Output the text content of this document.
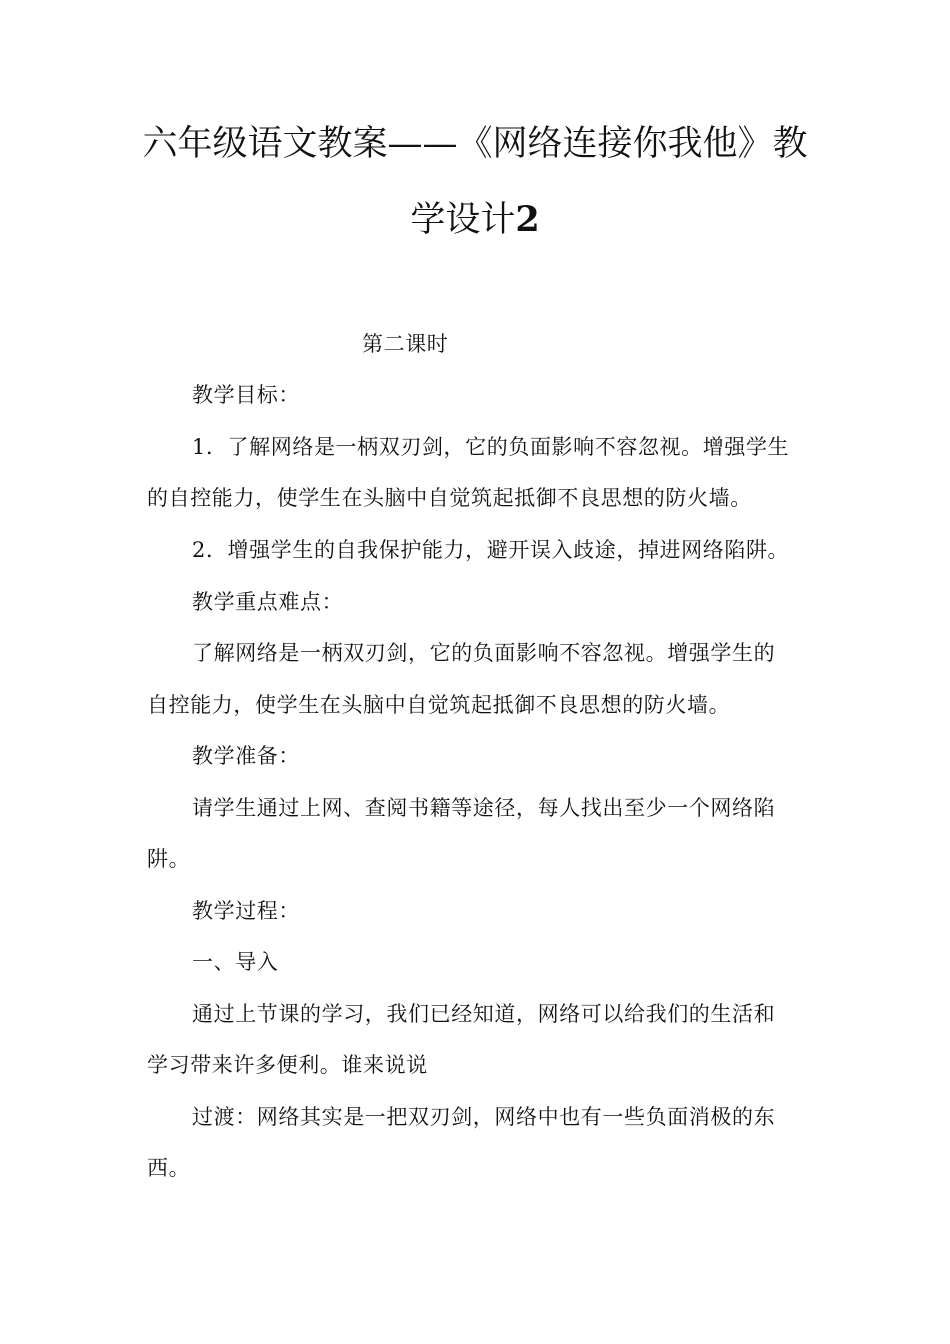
六年级语文教案——《网络连接你我他》教
学设计2
第二课时
教学目标：
1．了解网络是一柄双刃剑，它的负面影响不容忽视。增强学生
的自控能力，使学生在头脑中自觉筑起抵御不良思想的防火墙。
2．增强学生的自我保护能力，避开误入歧途，掉进网络陷阱。
教学重点难点：
了解网络是一柄双刃剑，它的负面影响不容忽视。增强学生的
自控能力，使学生在头脑中自觉筑起抵御不良思想的防火墙。
教学准备：
请学生通过上网、查阅书籍等途径，每人找出至少一个网络陷
阱。
教学过程：
一、导入
通过上节课的学习，我们已经知道，网络可以给我们的生活和
学习带来许多便利。谁来说说
过渡：网络其实是一把双刃剑，网络中也有一些负面消极的东
西。
